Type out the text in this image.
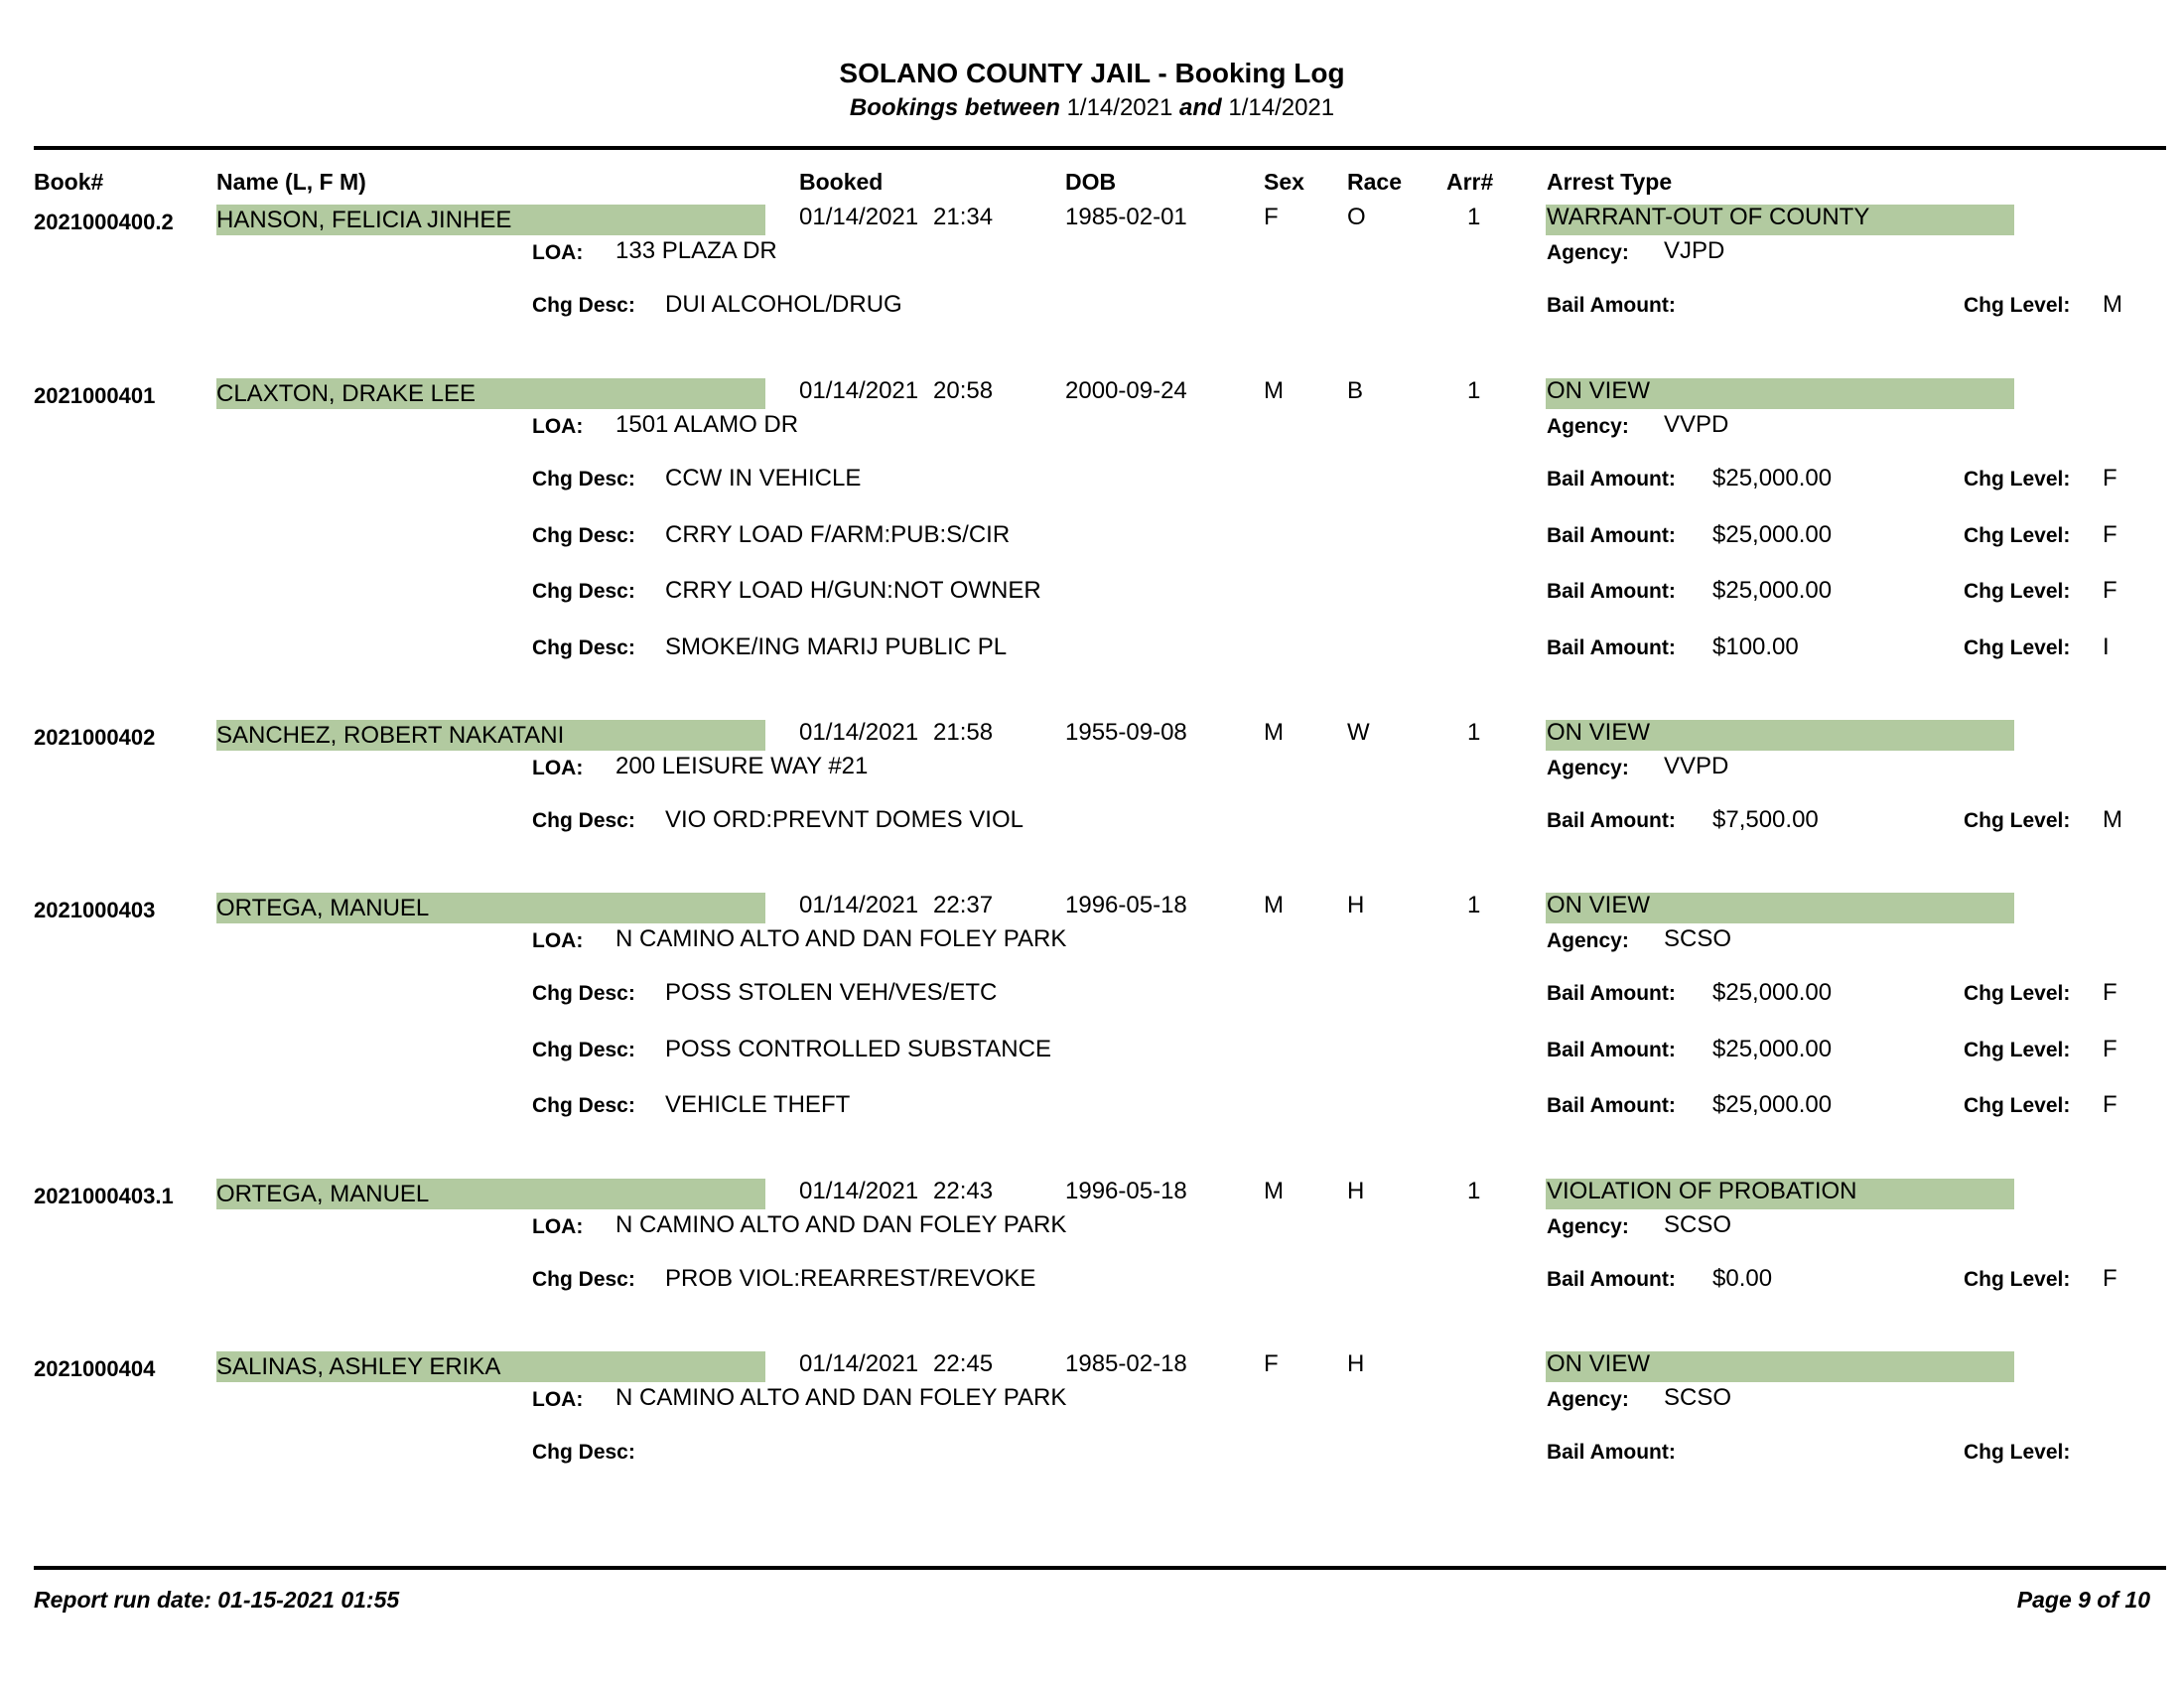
SOLANO COUNTY JAIL - Booking Log
Bookings between 1/14/2021 and 1/14/2021
Book#	Name (L, F M)	Booked	DOB	Sex Race Arr# Arrest Type
2021000400.2 HANSON, FELICIA JINHEE	01/14/2021 21:34	1985-02-01	F	O	1	WARRANT-OUT OF COUNTY
LOA: 133 PLAZA DR	Agency: VJPD
Chg Desc: DUI ALCOHOL/DRUG	Bail Amount:	Chg Level: M
2021000401	CLAXTON, DRAKE LEE	01/14/2021 20:58	2000-09-24	M	B	1	ON VIEW
LOA: 1501 ALAMO DR	Agency: VVPD
Chg Desc: CCW IN VEHICLE	Bail Amount: $25,000.00	Chg Level: F
Chg Desc: CRRY LOAD F/ARM:PUB:S/CIR	Bail Amount: $25,000.00	Chg Level: F
Chg Desc: CRRY LOAD H/GUN:NOT OWNER	Bail Amount: $25,000.00	Chg Level: F
Chg Desc: SMOKE/ING MARIJ PUBLIC PL	Bail Amount: $100.00	Chg Level: I
2021000402	SANCHEZ, ROBERT NAKATANI	01/14/2021 21:58	1955-09-08	M	W	1	ON VIEW
LOA: 200 LEISURE WAY #21	Agency: VVPD
Chg Desc: VIO ORD:PREVNT DOMES VIOL	Bail Amount: $7,500.00	Chg Level: M
2021000403	ORTEGA, MANUEL	01/14/2021 22:37	1996-05-18	M	H	1	ON VIEW
LOA: N CAMINO ALTO AND DAN FOLEY PARK	Agency: SCSO
Chg Desc: POSS STOLEN VEH/VES/ETC	Bail Amount: $25,000.00	Chg Level: F
Chg Desc: POSS CONTROLLED SUBSTANCE	Bail Amount: $25,000.00	Chg Level: F
Chg Desc: VEHICLE THEFT	Bail Amount: $25,000.00	Chg Level: F
2021000403.1 ORTEGA, MANUEL	01/14/2021 22:43	1996-05-18	M	H	1	VIOLATION OF PROBATION
LOA: N CAMINO ALTO AND DAN FOLEY PARK	Agency: SCSO
Chg Desc: PROB VIOL:REARREST/REVOKE	Bail Amount: $0.00	Chg Level: F
2021000404	SALINAS, ASHLEY ERIKA	01/14/2021 22:45	1985-02-18	F	H	ON VIEW
LOA: N CAMINO ALTO AND DAN FOLEY PARK	Agency: SCSO
Chg Desc:	Bail Amount:	Chg Level:
Report run date: 01-15-2021 01:55	Page 9 of 10
